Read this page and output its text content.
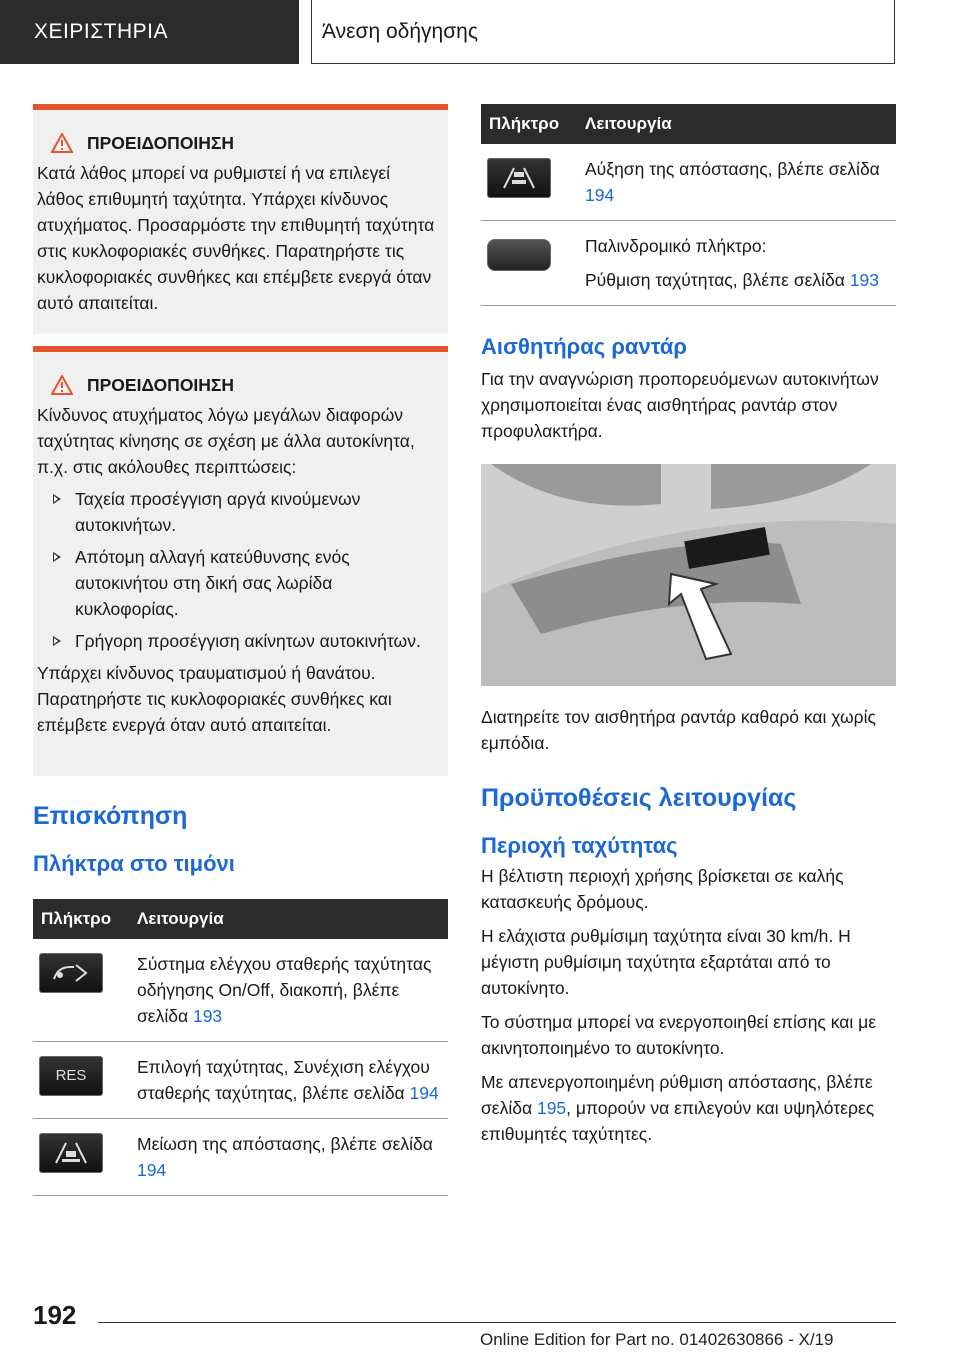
ΧΕΙΡΙΣΤΗΡΙΑ	Άνεση οδήγησης
ΠΡΟΕΙΔΟΠΟΙΗΣΗ

Κατά λάθος μπορεί να ρυθμιστεί ή να επιλεγεί λάθος επιθυμητή ταχύτητα. Υπάρχει κίνδυνος ατυχήματος. Προσαρμόστε την επιθυμητή ταχύτητα στις κυκλοφοριακές συνθήκες. Παρατηρήστε τις κυκλοφοριακές συνθήκες και επέμβετε ενεργά όταν αυτό απαιτείται.

ΠΡΟΕΙΔΟΠΟΙΗΣΗ

Κίνδυνος ατυχήματος λόγω μεγάλων διαφορών ταχύτητας κίνησης σε σχέση με άλλα αυτοκίνητα, π.χ. στις ακόλουθες περιπτώσεις:

Ταχεία προσέγγιση αργά κινούμενων αυτοκινήτων.
Απότομη αλλαγή κατεύθυνσης ενός αυτοκινήτου στη δική σας λωρίδα κυκλοφορίας.
Γρήγορη προσέγγιση ακίνητων αυτοκινήτων.

Υπάρχει κίνδυνος τραυματισμού ή θανάτου. Παρατηρήστε τις κυκλοφοριακές συνθήκες και επέμβετε ενεργά όταν αυτό απαιτείται.

Επισκόπηση
Πλήκτρα στο τιμόνι
Πλήκτρο	Λειτουργία

	Σύστημα ελέγχου σταθερής ταχύτητας οδήγησης On/Off, διακοπή, βλέπε σελίδα 193

RES	Επιλογή ταχύτητας, Συνέχιση ελέγχου σταθερής ταχύτητας, βλέπε σελίδα 194

	Μείωση της απόστασης, βλέπε σελίδα 194
Πλήκτρο	Λειτουργία

	Αύξηση της απόστασης, βλέπε σελίδα 194

	Παλινδρομικό πλήκτρο:
Ρύθμιση ταχύτητας, βλέπε σελίδα 193
Αισθητήρας ραντάρ

Για την αναγνώριση προπορευόμενων αυτοκινήτων χρησιμοποιείται ένας αισθητήρας ραντάρ στον προφυλακτήρα.

Διατηρείτε τον αισθητήρα ραντάρ καθαρό και χωρίς εμπόδια.

Προϋποθέσεις λειτουργίας
Περιοχή ταχύτητας

Η βέλτιστη περιοχή χρήσης βρίσκεται σε καλής κατασκευής δρόμους.

Η ελάχιστα ρυθμίσιμη ταχύτητα είναι 30 km/h. Η μέγιστη ρυθμίσιμη ταχύτητα εξαρτάται από το αυτοκίνητο.

Το σύστημα μπορεί να ενεργοποιηθεί επίσης και με ακινητοποιημένο το αυτοκίνητο.

Με απενεργοποιημένη ρύθμιση απόστασης, βλέπε σελίδα 195, μπορούν να επιλεγούν και υψηλότερες επιθυμητές ταχύτητες.

192
Online Edition for Part no. 01402630866 - X/19
